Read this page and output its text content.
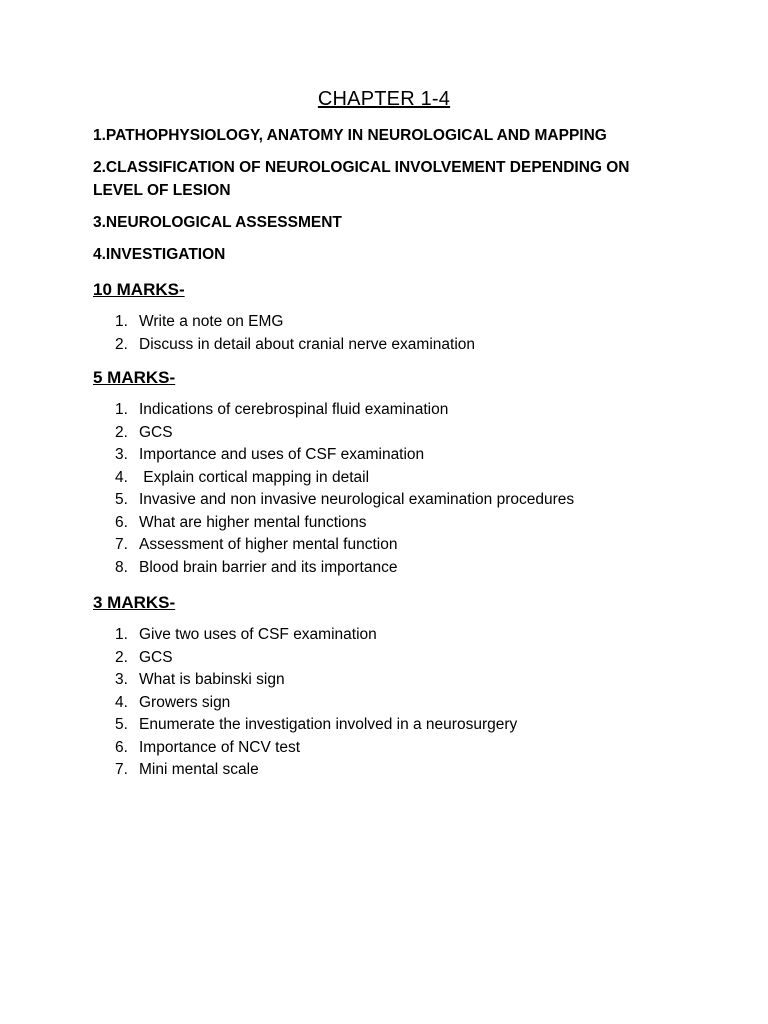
CHAPTER 1-4
1.PATHOPHYSIOLOGY, ANATOMY IN NEUROLOGICAL AND MAPPING
2.CLASSIFICATION OF NEUROLOGICAL INVOLVEMENT DEPENDING ON LEVEL OF LESION
3.NEUROLOGICAL ASSESSMENT
4.INVESTIGATION
10 MARKS-
1. Write a note on EMG
2. Discuss in detail about cranial nerve examination
5 MARKS-
1. Indications of cerebrospinal fluid examination
2. GCS
3. Importance and uses of CSF examination
4. Explain cortical mapping in detail
5. Invasive and non invasive neurological examination procedures
6. What are higher mental functions
7. Assessment of higher mental function
8. Blood brain barrier and its importance
3 MARKS-
1. Give two uses of CSF examination
2. GCS
3. What is babinski sign
4. Growers sign
5. Enumerate the investigation involved in a neurosurgery
6. Importance of NCV test
7. Mini mental scale
